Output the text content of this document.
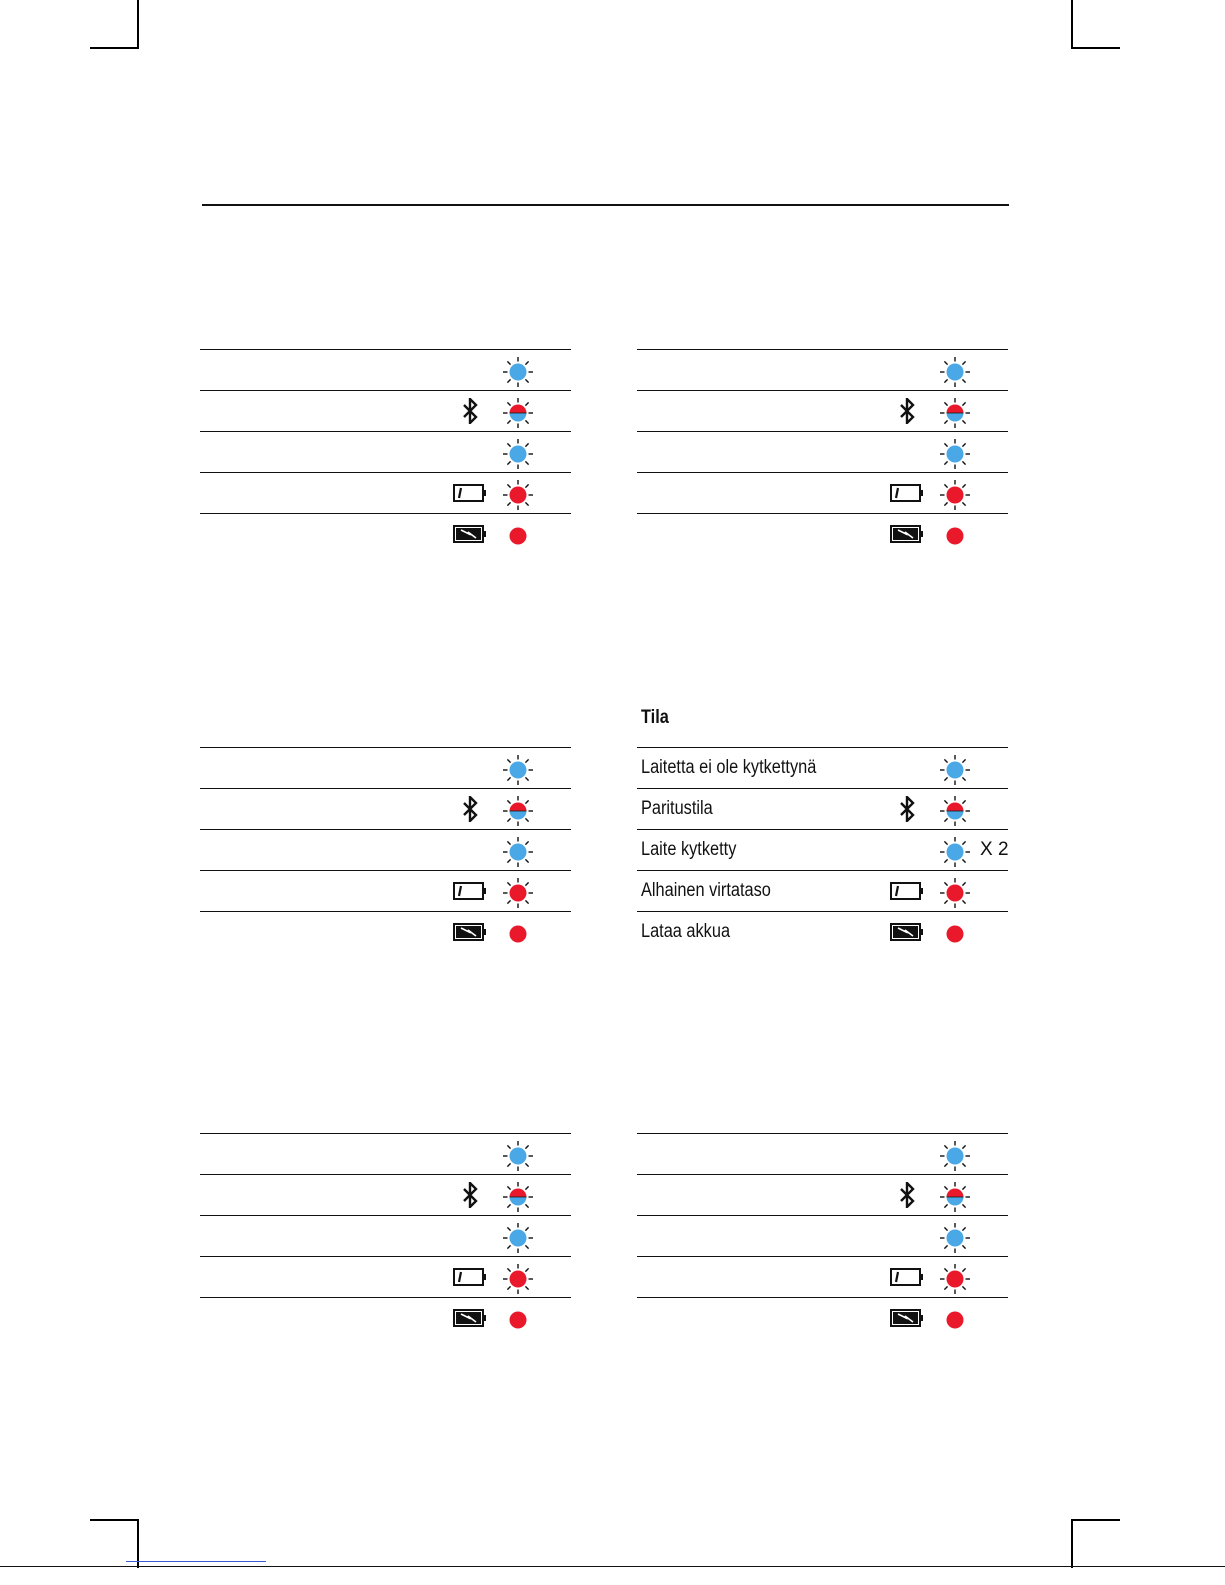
Tila
Laitetta ei ole kytkettynä
Paritustila
Laite kytketty	X 2
Alhainen virtataso
Lataa akkua
